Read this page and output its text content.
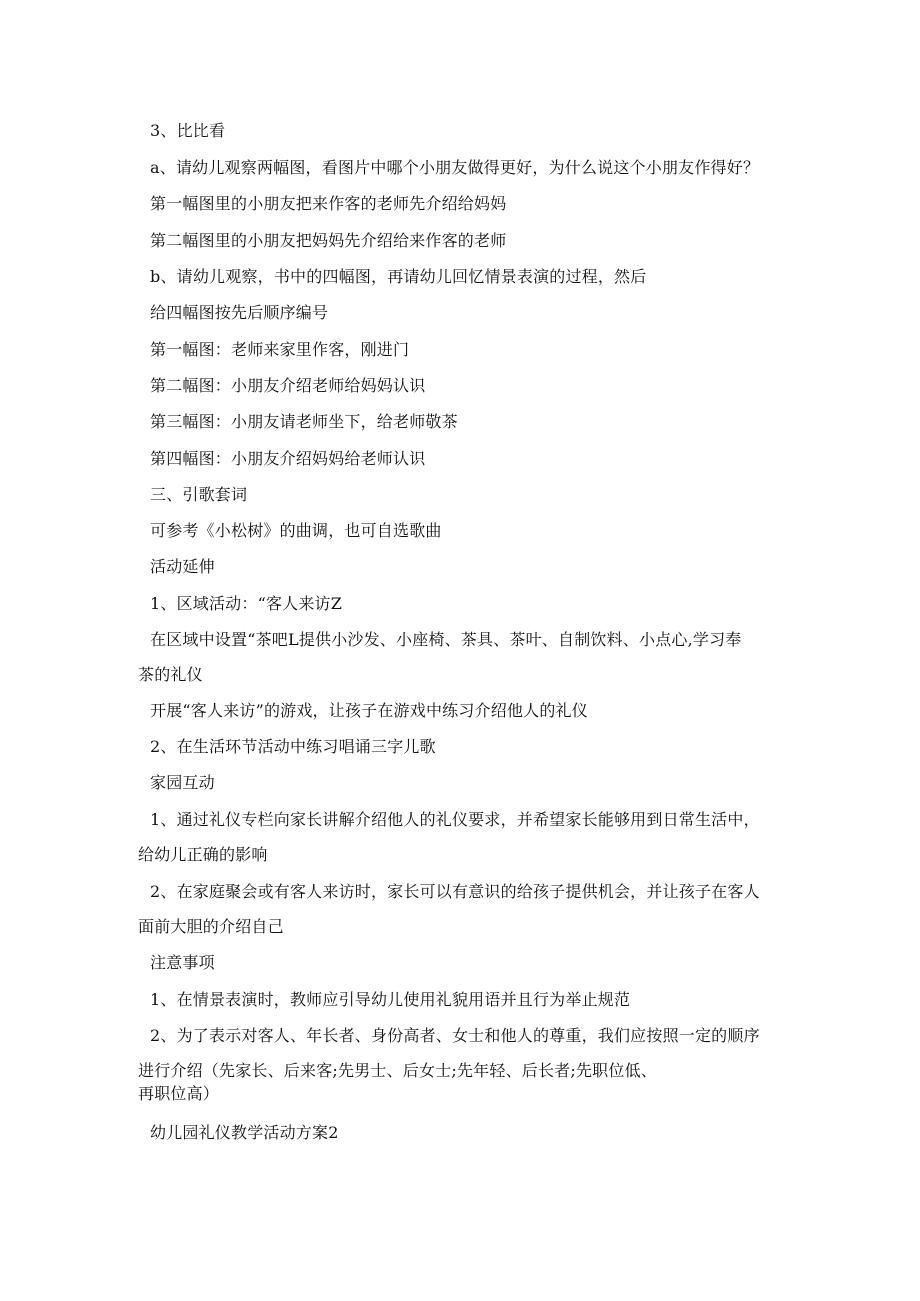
3、比比看
a、请幼儿观察两幅图，看图片中哪个小朋友做得更好，为什么说这个小朋友作得好？
第一幅图里的小朋友把来作客的老师先介绍给妈妈
第二幅图里的小朋友把妈妈先介绍给来作客的老师
b、请幼儿观察，书中的四幅图，再请幼儿回忆情景表演的过程，然后
给四幅图按先后顺序编号
第一幅图：老师来家里作客，刚进门
第二幅图：小朋友介绍老师给妈妈认识
第三幅图：小朋友请老师坐下，给老师敬茶
第四幅图：小朋友介绍妈妈给老师认识
三、引歌套词
可参考《小松树》的曲调，也可自选歌曲
活动延伸
1、区域活动：“客人来访Z
在区域中设置“茶吧L提供小沙发、小座椅、茶具、茶叶、自制饮料、小点心,学习奉
茶的礼仪
开展“客人来访”的游戏，让孩子在游戏中练习介绍他人的礼仪
2、在生活环节活动中练习唱诵三字儿歌
家园互动
1、通过礼仪专栏向家长讲解介绍他人的礼仪要求，并希望家长能够用到日常生活中，
给幼儿正确的影响
2、在家庭聚会或有客人来访时，家长可以有意识的给孩子提供机会，并让孩子在客人
面前大胆的介绍自己
注意事项
1、在情景表演时，教师应引导幼儿使用礼貌用语并且行为举止规范
2、为了表示对客人、年长者、身份高者、女士和他人的尊重，我们应按照一定的顺序
进行介绍（先家长、后来客;先男士、后女士;先年轻、后长者;先职位低、
再职位高）
幼儿园礼仪教学活动方案2
